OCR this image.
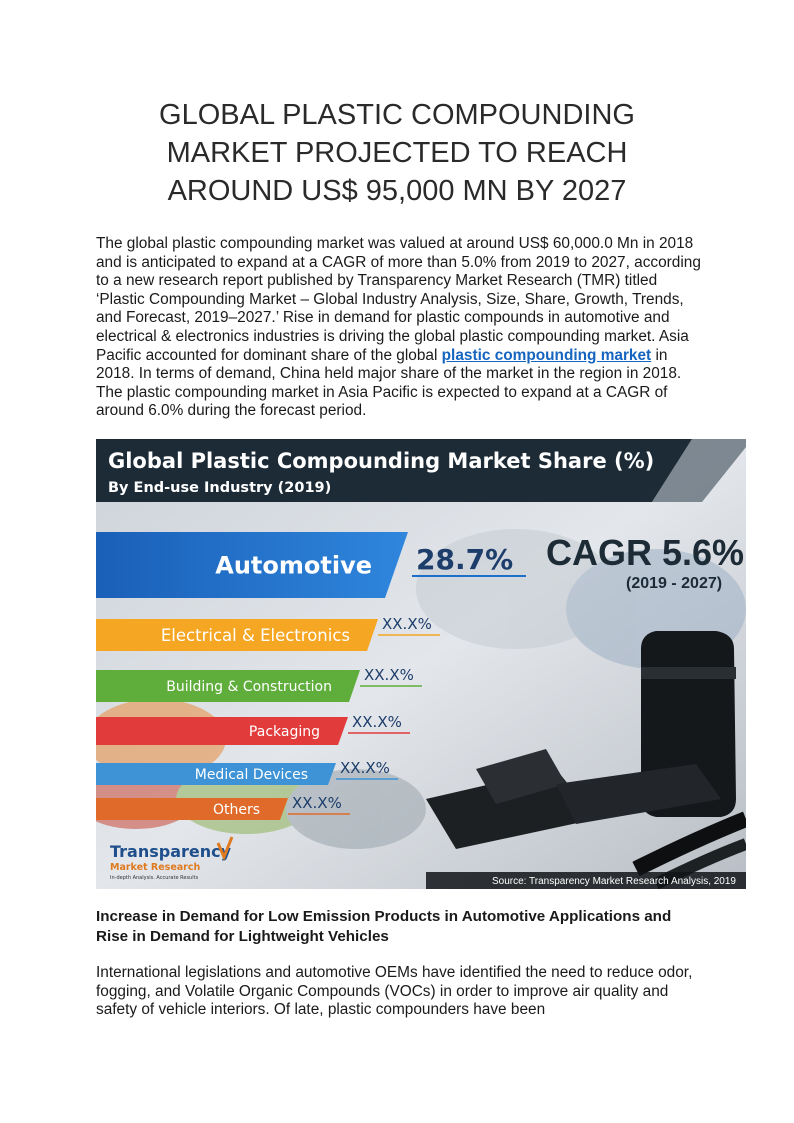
GLOBAL PLASTIC COMPOUNDING
MARKET PROJECTED TO REACH
AROUND US$ 95,000 MN BY 2027

The global plastic compounding market was valued at around US$ 60,000.0 Mn in 2018 and is anticipated to expand at a CAGR of more than 5.0% from 2019 to 2027, according to a new research report published by Transparency Market Research (TMR) titled ‘Plastic Compounding Market – Global Industry Analysis, Size, Share, Growth, Trends, and Forecast, 2019–2027.’ Rise in demand for plastic compounds in automotive and electrical & electronics industries is driving the global plastic compounding market. Asia Pacific accounted for dominant share of the global plastic compounding market in 2018. In terms of demand, China held major share of the market in the region in 2018. The plastic compounding market in Asia Pacific is expected to expand at a CAGR of around 6.0% during the forecast period.

Global Plastic Compounding Market Share (%)
By End-use Industry (2019)
CAGR 5.6%
(2019 - 2027)
Automotive 28.7%
Electrical & Electronics
XX.X%
Building & Construction
XX.X%
Packaging
XX.X%
Medical Devices XX.X%
Others XX.X%
Transparency
Market Research
In-depth Analysis. Accurate Results	Source: Transparency Market Research Analysis, 2019
Increase in Demand for Low Emission Products in Automotive Applications and Rise in Demand for Lightweight Vehicles

International legislations and automotive OEMs have identified the need to reduce odor, fogging, and Volatile Organic Compounds (VOCs) in order to improve air quality and safety of vehicle interiors. Of late, plastic compounders have been
